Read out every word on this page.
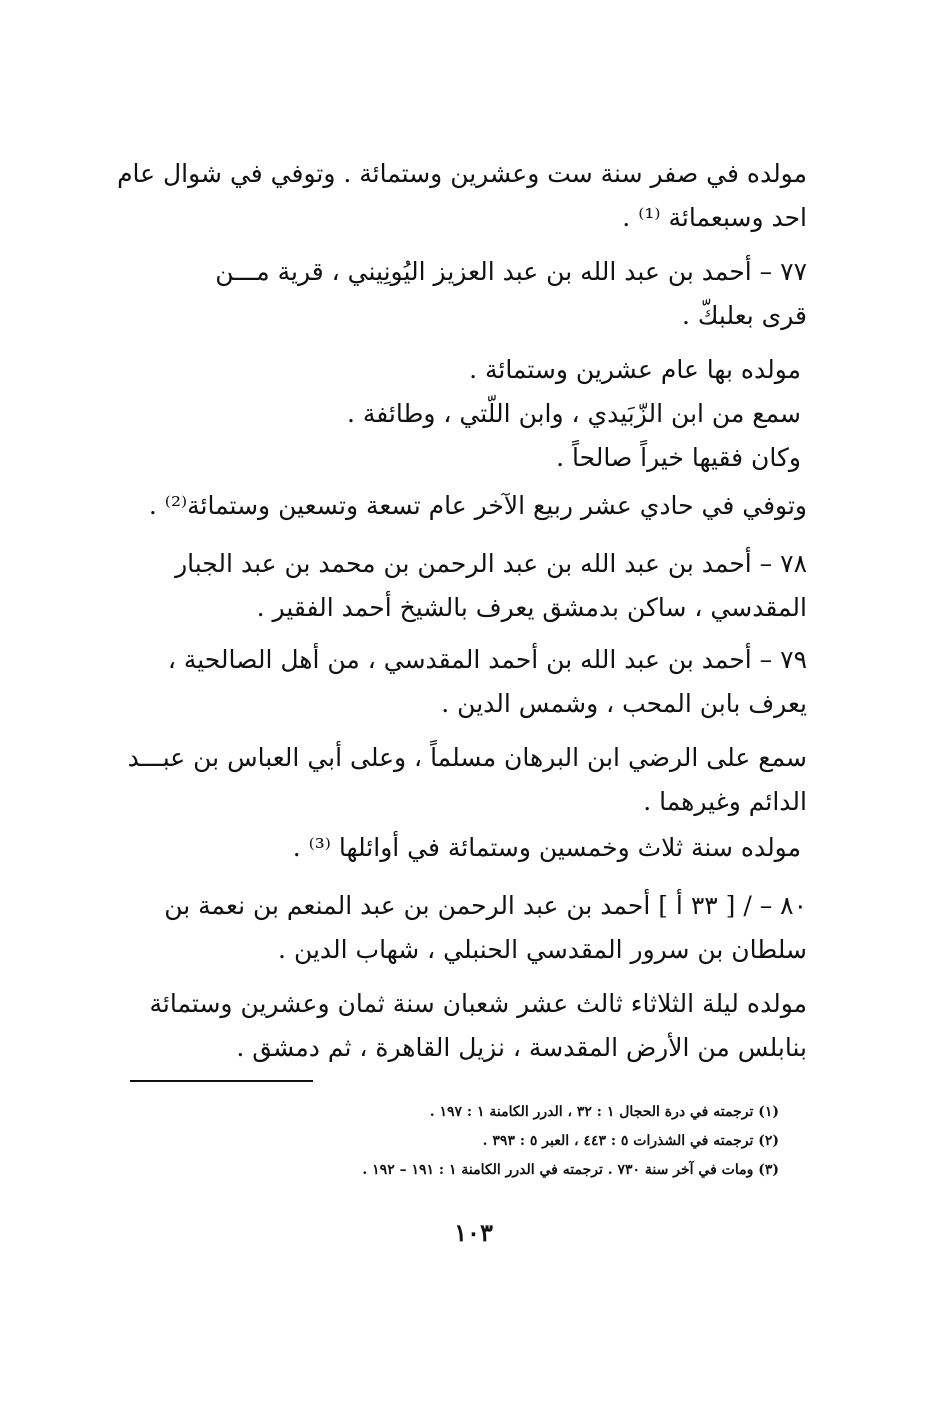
مولده في صفر سنة ست وعشرين وستمائة . وتوفي في شوال عام
احد وسبعمائة ⁽¹⁾ .
٧٧ – أحمد بن عبد الله بن عبد العزيز اليُونِيني ، قرية مـــن
قرى بعلبكّ .
مولده بها عام عشرين وستمائة .
سمع من ابن الزّبَيدي ، وابن اللّتي ، وطائفة .
وكان فقيها خيراً صالحاً .
وتوفي في حادي عشر ربيع الآخر عام تسعة وتسعين وستمائة⁽²⁾ .
٧٨ – أحمد بن عبد الله بن عبد الرحمن بن محمد بن عبد الجبار
المقدسي ، ساكن بدمشق يعرف بالشيخ أحمد الفقير .
٧٩ – أحمد بن عبد الله بن أحمد المقدسي ، من أهل الصالحية ،
يعرف بابن المحب ، وشمس الدين .
سمع على الرضي ابن البرهان مسلماً ، وعلى أبي العباس بن عبـــد
الدائم وغيرهما .
مولده سنة ثلاث وخمسين وستمائة في أوائلها ⁽³⁾ .
٨٠ – / [ ٣٣ أ ] أحمد بن عبد الرحمن بن عبد المنعم بن نعمة بن
سلطان بن سرور المقدسي الحنبلي ، شهاب الدين .
مولده ليلة الثلاثاء ثالث عشر شعبان سنة ثمان وعشرين وستمائة
بنابلس من الأرض المقدسة ، نزيل القاهرة ، ثم دمشق .
(١) ترجمته في درة الحجال ١ : ٣٢ ، الدرر الكامنة ١ : ١٩٧ .
(٢) ترجمته في الشذرات ٥ : ٤٤٣ ، العبر ٥ : ٣٩٣ .
(٣) ومات في آخر سنة ٧٣٠ . ترجمته في الدرر الكامنة ١ : ١٩١ – ١٩٢ .
١٠٣
